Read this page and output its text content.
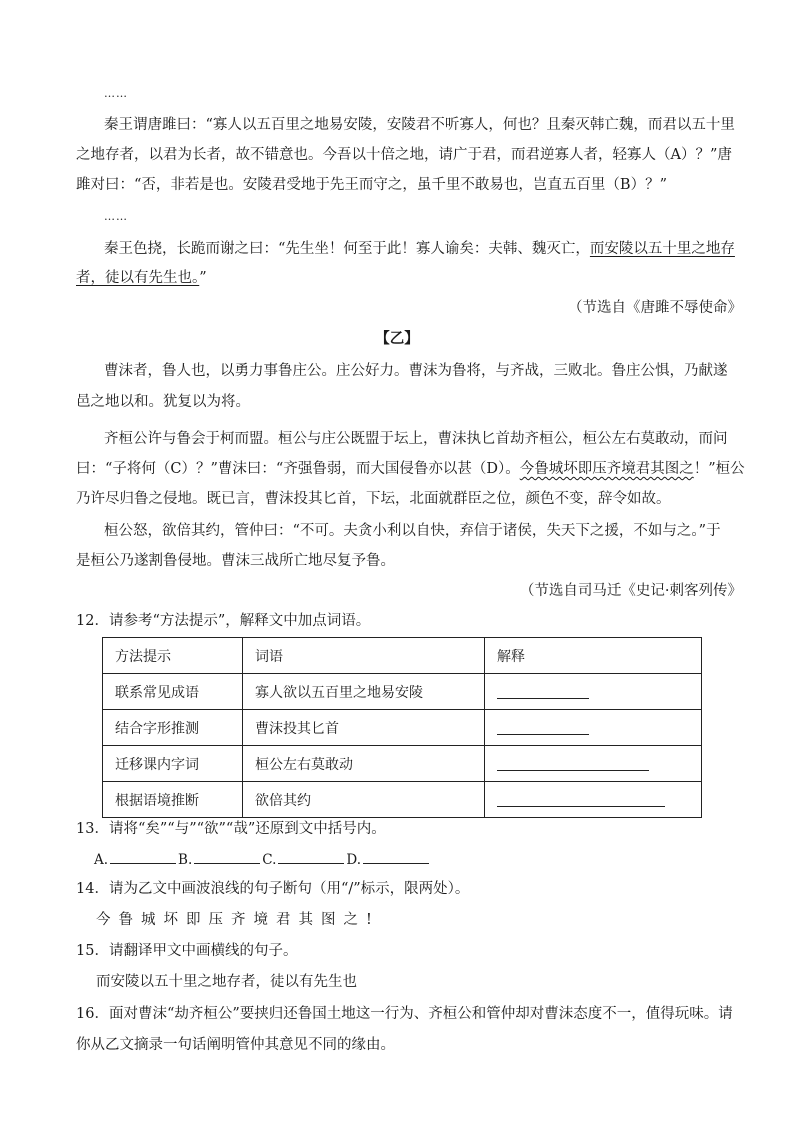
……
秦王谓唐雎曰：“寡人以五百里之地易安陵，安陵君不听寡人，何也？且秦灭韩亡魏，而君以五十里
之地存者，以君为长者，故不错意也。今吾以十倍之地，请广于君，而君逆寡人者，轻寡人（A）？”唐
雎对曰：“否，非若是也。安陵君受地于先王而守之，虽千里不敢易也，岂直五百里（B）？”
……
秦王色挠，长跪而谢之曰：“先生坐！何至于此！寡人谕矣：夫韩、魏灭亡，而安陵以五十里之地存
者，徒以有先生也。”
（节选自《唐雎不辱使命》
【乙】
曹沫者，鲁人也，以勇力事鲁庄公。庄公好力。曹沫为鲁将，与齐战，三败北。鲁庄公惧，乃献遂
邑之地以和。犹复以为将。
齐桓公许与鲁会于柯而盟。桓公与庄公既盟于坛上，曹沫执匕首劫齐桓公，桓公左右莫敢动，而问
曰：“子将何（C）？”曹沫曰：“齐强鲁弱，而大国侵鲁亦以甚（D）。今鲁城坏即压齐境君其图之！”桓公
乃许尽归鲁之侵地。既已言，曹沫投其匕首，下坛，北面就群臣之位，颜色不变，辞令如故。
桓公怒，欲倍其约，管仲曰：“不可。夫贪小利以自快，弃信于诸侯，失天下之援，不如与之。”于
是桓公乃遂割鲁侵地。曹沫三战所亡地尽复予鲁。
（节选自司马迁《史记·刺客列传》
12．请参考“方法提示”，解释文中加点词语。
方法提示	词语	解释
联系常见成语	寡人欲以五百里之地易安陵	
结合字形推测	曹沫投其匕首	
迁移课内字词	桓公左右莫敢动	
根据语境推断	欲倍其约	
13．请将“矣”“与”“欲”“哉”还原到文中括号内。
A.	B.	C.	D.
14．请为乙文中画波浪线的句子断句（用“/”标示，限两处）。
今鲁城坏即压齐境君其图之!
15．请翻译甲文中画横线的句子。
而安陵以五十里之地存者，徒以有先生也
16．面对曹沫“劫齐桓公”要挟归还鲁国土地这一行为、齐桓公和管仲却对曹沫态度不一，值得玩味。请
你从乙文摘录一句话阐明管仲其意见不同的缘由。
